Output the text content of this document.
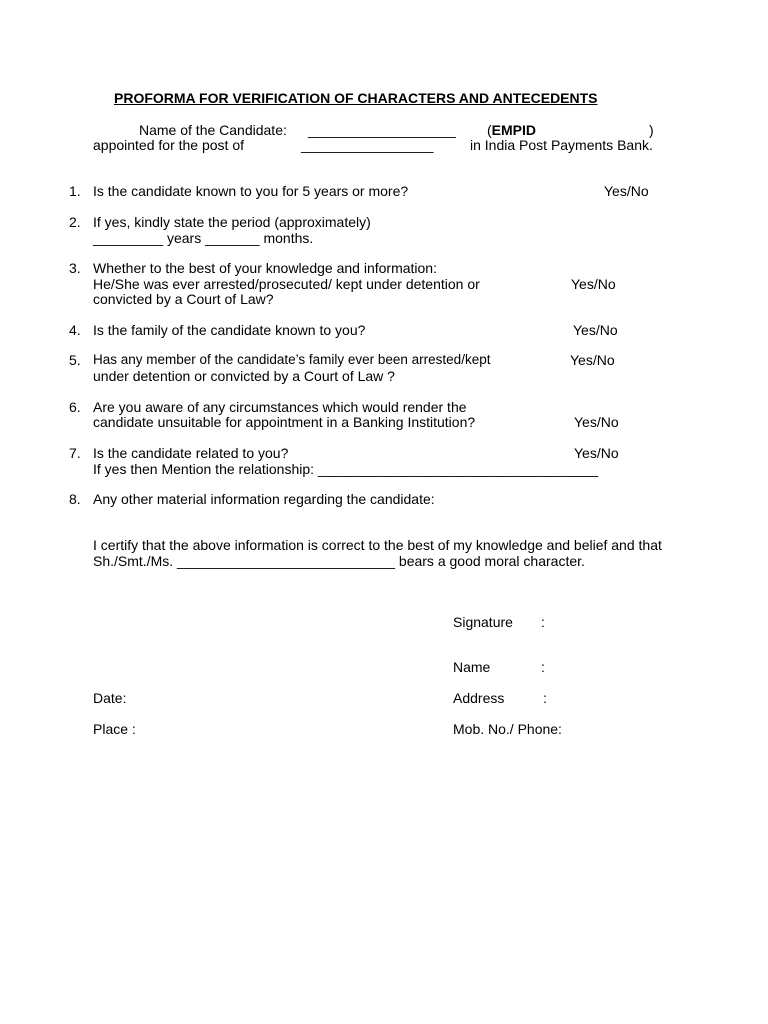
PROFORMA FOR VERIFICATION OF CHARACTERS AND ANTECEDENTS
Name of the Candidate: ___________________ (EMPID	)
appointed for the post of	_________________	in India Post Payments Bank.
1. Is the candidate known to you for 5 years or more?	Yes/No
2. If yes, kindly state the period (approximately)
_________ years _______ months.
3. Whether to the best of your knowledge and information:
He/She was ever arrested/prosecuted/ kept under detention or
convicted by a Court of Law?
Yes/No
4. Is the family of the candidate known to you?	Yes/No
5. Has any member of the candidate’s family ever been arrested/kept
under detention or convicted by a Court of Law ?
Yes/No
6. Are you aware of any circumstances which would render the
candidate unsuitable for appointment in a Banking Institution?	Yes/No
7. Is the candidate related to you?
If yes then Mention the relationship: ____________________________________
Yes/No
8. Any other material information regarding the candidate:
I certify that the above information is correct to the best of my knowledge and belief and that
Sh./Smt./Ms. ____________________________ bears a good moral character.
Signature :
Name	:
Date:	Address	:
Place :	Mob. No./ Phone:
